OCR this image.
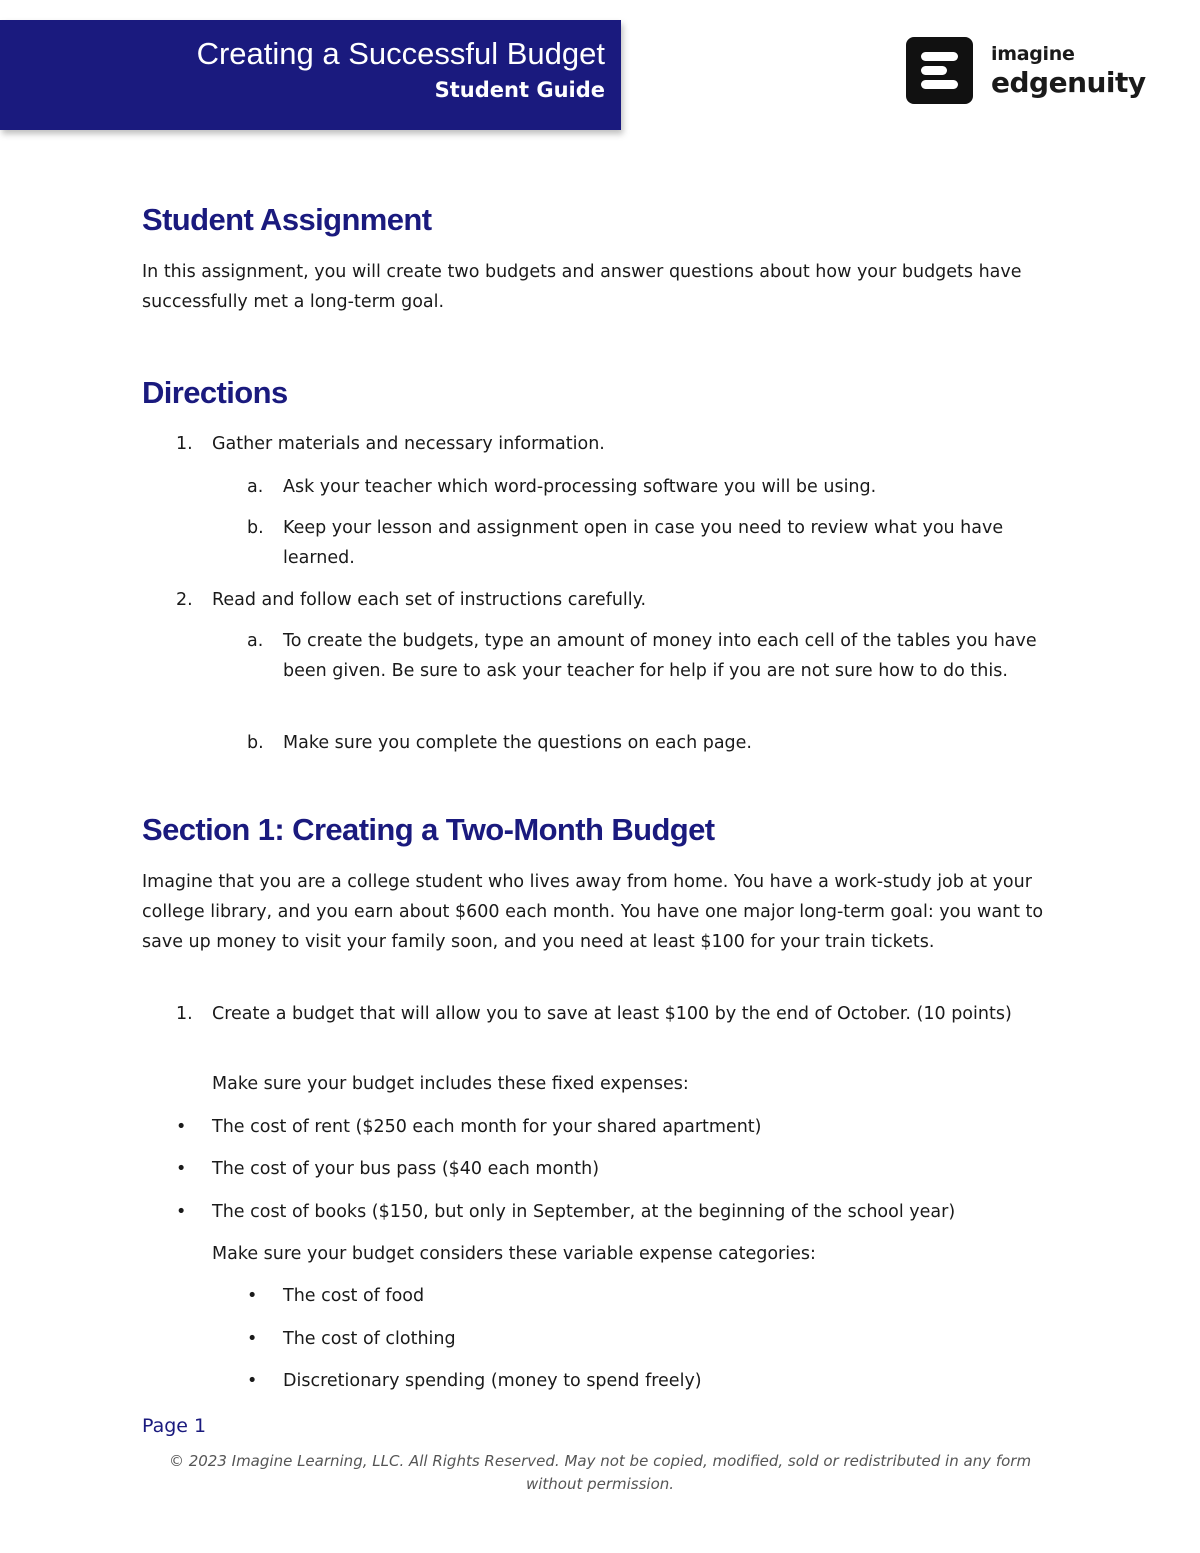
Creating a Successful Budget
Student Guide
imagine
edgenuity
Student Assignment

In this assignment, you will create two budgets and answer questions about how your budgets have successfully met a long-term goal.

Directions
1. Gather materials and necessary information.
a. Ask your teacher which word-processing software you will be using.
b. Keep your lesson and assignment open in case you need to review what you have learned.
2. Read and follow each set of instructions carefully.
a. To create the budgets, type an amount of money into each cell of the tables you have been given. Be sure to ask your teacher for help if you are not sure how to do this.
b. Make sure you complete the questions on each page.
Section 1: Creating a Two-Month Budget

Imagine that you are a college student who lives away from home. You have a work-study job at your college library, and you earn about $600 each month. You have one major long-term goal: you want to save up money to visit your family soon, and you need at least $100 for your train tickets.

1. Create a budget that will allow you to save at least $100 by the end of October. (10 points)
Make sure your budget includes these fixed expenses:
• The cost of rent ($250 each month for your shared apartment)
• The cost of your bus pass ($40 each month)
• The cost of books ($150, but only in September, at the beginning of the school year)
Make sure your budget considers these variable expense categories:
• The cost of food
• The cost of clothing
• Discretionary spending (money to spend freely)
Page 1
© 2023 Imagine Learning, LLC. All Rights Reserved. May not be copied, modified, sold or redistributed in any form
without permission.
